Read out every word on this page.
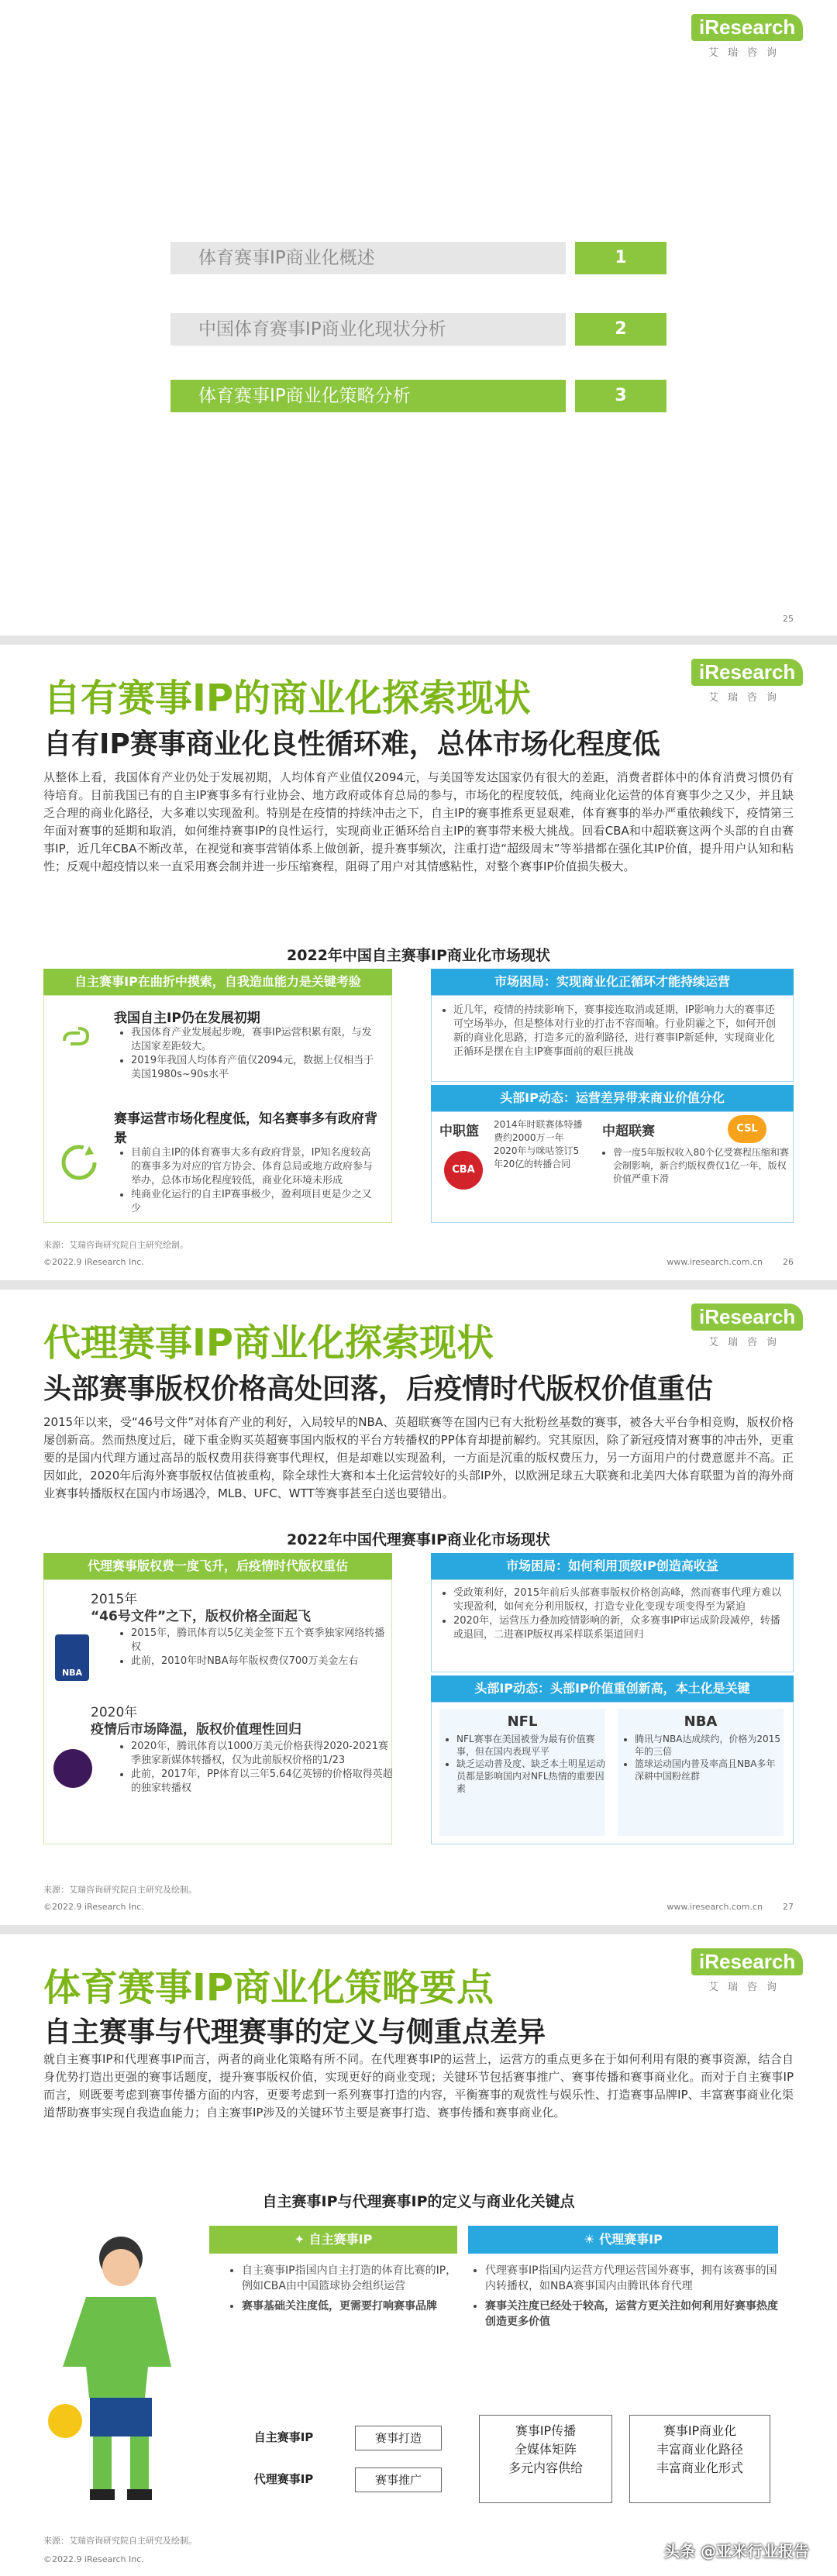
iResearch
艾瑞咨询
体育赛事IP商业化概述	1
中国体育赛事IP商业化现状分析	2
体育赛事IP商业化策略分析	3
25
iResearch
艾瑞咨询
自有赛事IP的商业化探索现状
自有IP赛事商业化良性循环难，总体市场化程度低
从整体上看，我国体育产业仍处于发展初期，人均体育产业值仅2094元，与美国等发达国家仍有很大的差距，消费者群体中的体育消费习惯仍有待培育。目前我国已有的自主IP赛事多有行业协会、地方政府或体育总局的参与，市场化的程度较低，纯商业化运营的体育赛事少之又少，并且缺乏合理的商业化路径，大多难以实现盈利。特别是在疫情的持续冲击之下，自主IP的赛事推系更显艰难，体育赛事的举办严重依赖线下，疫情第三年面对赛事的延期和取消，如何维持赛事IP的良性运行，实现商业正循环给自主IP的赛事带来极大挑战。回看CBA和中超联赛这两个头部的自由赛事IP，近几年CBA不断改革，在视觉和赛事营销体系上做创新，提升赛事频次，注重打造“超级周末”等举措都在强化其IP价值，提升用户认知和粘性；反观中超疫情以来一直采用赛会制并进一步压缩赛程，阻碍了用户对其情感粘性，对整个赛事IP价值损失极大。
2022年中国自主赛事IP商业化市场现状
自主赛事IP在曲折中摸索，自我造血能力是关键考验
我国自主IP仍在发展初期
• 我国体育产业发展起步晚，赛事IP运营积累有限，与发达国家差距较大。
• 2019年我国人均体育产值仅2094元，数据上仅相当于美国1980s~90s水平
赛事运营市场化程度低，知名赛事多有政府背景
• 目前自主IP的体育赛事大多有政府背景，IP知名度较高的赛事多为对应的官方协会、体育总局或地方政府参与举办，总体市场化程度较低，商业化环境未形成
• 纯商业化运行的自主IP赛事极少，盈利项目更是少之又少
市场困局：实现商业化正循环才能持续运营
• 近几年，疫情的持续影响下，赛事接连取消或延期，IP影响力大的赛事还可空场举办，但是整体对行业的打击不容而喻。行业阴霾之下，如何开创新的商业化思路，打造多元的盈利路径，进行赛事IP新延伸，实现商业化正循环是摆在自主IP赛事面前的艰巨挑战
头部IP动态：运营差异带来商业价值分化
中职篮
CBA
2014年时联赛体特播费约2000万一年2020年与咪咕签订5年20亿的转播合同
中超联赛	CSL
• 曾一度5年版权收入80个亿受赛程压缩和赛会制影响，新合约版权费仅1亿一年，版权价值严重下滑
来源：艾瑞咨询研究院自主研究绘制。
©2022.9 iResearch Inc.	www.iresearch.com.cn 26
iResearch
艾瑞咨询
代理赛事IP商业化探索现状
头部赛事版权价格高处回落，后疫情时代版权价值重估
2015年以来，受“46号文件”对体育产业的利好，入局较早的NBA、英超联赛等在国内已有大批粉丝基数的赛事，被各大平台争相竞购，版权价格屡创新高。然而热度过后，碰下重金购买英超赛事国内版权的平台方转播权的PP体育却提前解约。究其原因，除了新冠疫情对赛事的冲击外，更重要的是国内代理方通过高昂的版权费用获得赛事代理权，但是却难以实现盈利，一方面是沉重的版权费压力，另一方面用户的付费意愿并不高。正因如此，2020年后海外赛事版权估值被重构，除全球性大赛和本土化运营较好的头部IP外，以欧洲足球五大联赛和北美四大体育联盟为首的海外商业赛事转播版权在国内市场遇冷，MLB、UFC、WTT等赛事甚至白送也要错出。
2022年中国代理赛事IP商业化市场现状
代理赛事版权费一度飞升，后疫情时代版权重估
2015年
“46号文件”之下，版权价格全面起飞
NBA
• 2015年，腾讯体育以5亿美金签下五个赛季独家网络转播权
• 此前，2010年时NBA每年版权费仅700万美金左右
2020年
疫情后市场降温，版权价值理性回归
• 2020年，腾讯体育以1000万美元价格获得2020-2021赛季独家新媒体转播权，仅为此前版权价格的1/23
• 此前，2017年，PP体育以三年5.64亿英镑的价格取得英超的独家转播权
市场困局：如何利用顶级IP创造高收益
• 受政策利好，2015年前后头部赛事版权价格创高峰，然而赛事代理方难以实现盈利，如何充分利用版权，打造专业化变现专项变得至为紧迫
• 2020年，运营压力叠加疫情影响的新，众多赛事IP审运成阶段减停，转播或退回，二进赛IP版权再采样联系渠道回归
头部IP动态：头部IP价值重创新高，本土化是关键
NFL
• NFL赛事在美国被誉为最有价值赛事，但在国内表现平平
• 缺乏运动普及度、缺乏本土明星运动员都是影响国内对NFL热情的重要因素
NBA
• 腾讯与NBA达成续约，价格为2015年的三倍
• 篮球运动国内普及率高且NBA多年深耕中国粉丝群
来源：艾瑞咨询研究院自主研究及绘制。
©2022.9 iResearch Inc.	www.iresearch.com.cn 27
iResearch
艾瑞咨询
体育赛事IP商业化策略要点
自主赛事与代理赛事的定义与侧重点差异
就自主赛事IP和代理赛事IP而言，两者的商业化策略有所不同。在代理赛事IP的运营上，运营方的重点更多在于如何利用有限的赛事资源，结合自身优势打造出更强的赛事话题度，提升赛事版权价值，实现更好的商业变现；关键环节包括赛事推广、赛事传播和赛事商业化。而对于自主赛事IP而言，则既要考虑到赛事传播方面的内容，更要考虑到一系列赛事打造的内容，平衡赛事的观赏性与娱乐性、打造赛事品牌IP、丰富赛事商业化渠道帮助赛事实现自我造血能力；自主赛事IP涉及的关键环节主要是赛事打造、赛事传播和赛事商业化。
自主赛事IP与代理赛事IP的定义与商业化关键点
✦ 自主赛事IP	☀ 代理赛事IP
• 自主赛事IP指国内自主打造的体育比赛的IP，例如CBA由中国篮球协会组织运营
• 赛事基础关注度低，更需要打响赛事品牌
• 代理赛事IP指国内运营方代理运营国外赛事，拥有该赛事的国内转播权，如NBA赛事国内由腾讯体育代理
• 赛事关注度已经处于较高，运营方更关注如何利用好赛事热度创造更多价值
自主赛事IP	赛事打造
代理赛事IP	赛事推广
赛事IP传播
全媒体矩阵
多元内容供给
赛事IP商业化
丰富商业化路径
丰富商业化形式
来源：艾瑞咨询研究院自主研究及绘制。
©2022.9 iResearch Inc.	头条 @亚米行业报告
